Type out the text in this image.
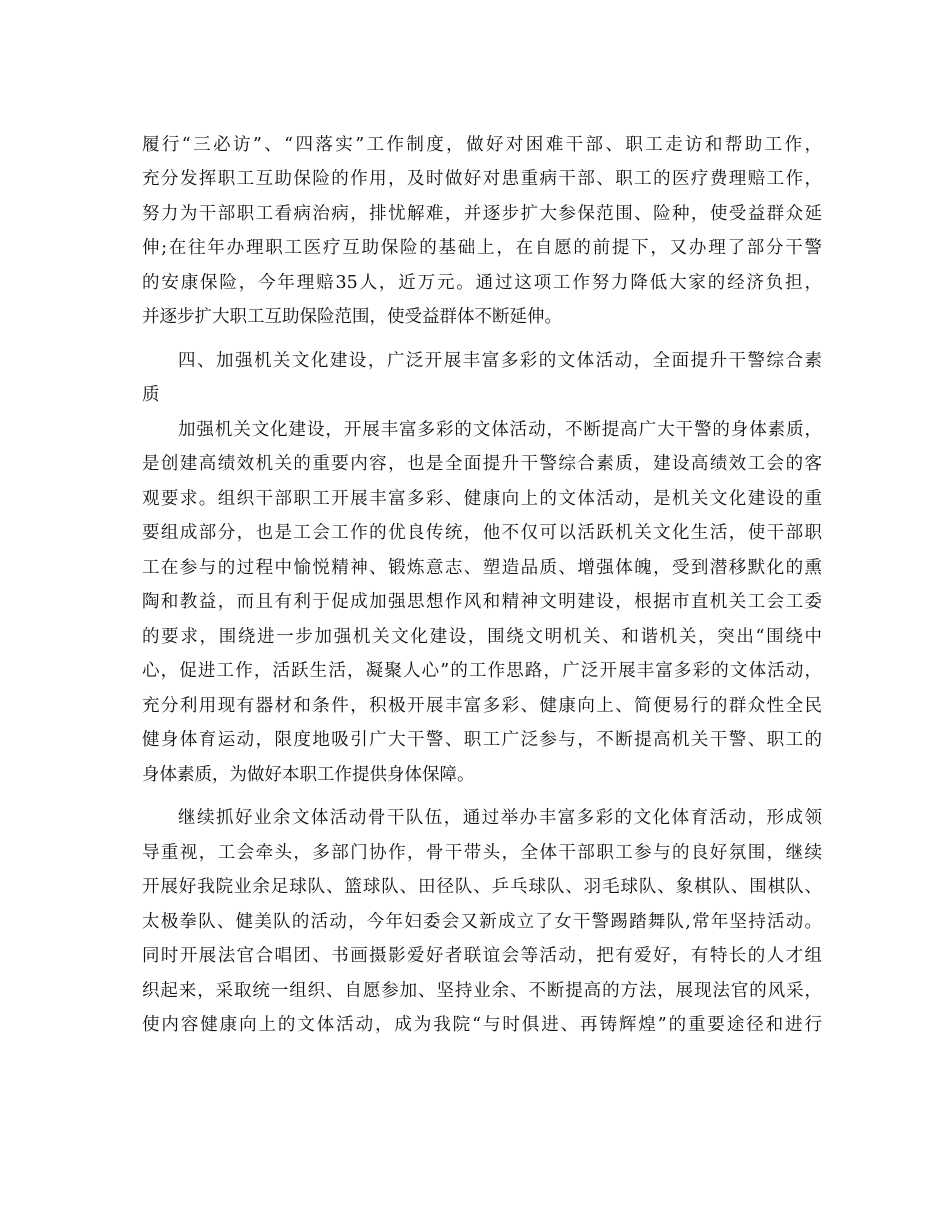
履行“三必访”、“四落实”工作制度，做好对困难干部、职工走访和帮助工作，
充分发挥职工互助保险的作用，及时做好对患重病干部、职工的医疗费理赔工作，
努力为干部职工看病治病，排忧解难，并逐步扩大参保范围、险种，使受益群众延
伸;在往年办理职工医疗互助保险的基础上，在自愿的前提下，又办理了部分干警
的安康保险，今年理赔35人，近万元。通过这项工作努力降低大家的经济负担，
并逐步扩大职工互助保险范围，使受益群体不断延伸。
四、加强机关文化建设，广泛开展丰富多彩的文体活动，全面提升干警综合素
质
加强机关文化建设，开展丰富多彩的文体活动，不断提高广大干警的身体素质，
是创建高绩效机关的重要内容，也是全面提升干警综合素质，建设高绩效工会的客
观要求。组织干部职工开展丰富多彩、健康向上的文体活动，是机关文化建设的重
要组成部分，也是工会工作的优良传统，他不仅可以活跃机关文化生活，使干部职
工在参与的过程中愉悦精神、锻炼意志、塑造品质、增强体魄，受到潜移默化的熏
陶和教益，而且有利于促成加强思想作风和精神文明建设，根据市直机关工会工委
的要求，围绕进一步加强机关文化建设，围绕文明机关、和谐机关，突出“围绕中
心，促进工作，活跃生活，凝聚人心”的工作思路，广泛开展丰富多彩的文体活动，
充分利用现有器材和条件，积极开展丰富多彩、健康向上、简便易行的群众性全民
健身体育运动，限度地吸引广大干警、职工广泛参与，不断提高机关干警、职工的
身体素质，为做好本职工作提供身体保障。
继续抓好业余文体活动骨干队伍，通过举办丰富多彩的文化体育活动，形成领
导重视，工会牵头，多部门协作，骨干带头，全体干部职工参与的良好氛围，继续
开展好我院业余足球队、篮球队、田径队、乒乓球队、羽毛球队、象棋队、围棋队、
太极拳队、健美队的活动，今年妇委会又新成立了女干警踢踏舞队,常年坚持活动。
同时开展法官合唱团、书画摄影爱好者联谊会等活动，把有爱好，有特长的人才组
织起来，采取统一组织、自愿参加、坚持业余、不断提高的方法，展现法官的风采，
使内容健康向上的文体活动，成为我院“与时俱进、再铸辉煌”的重要途径和进行
